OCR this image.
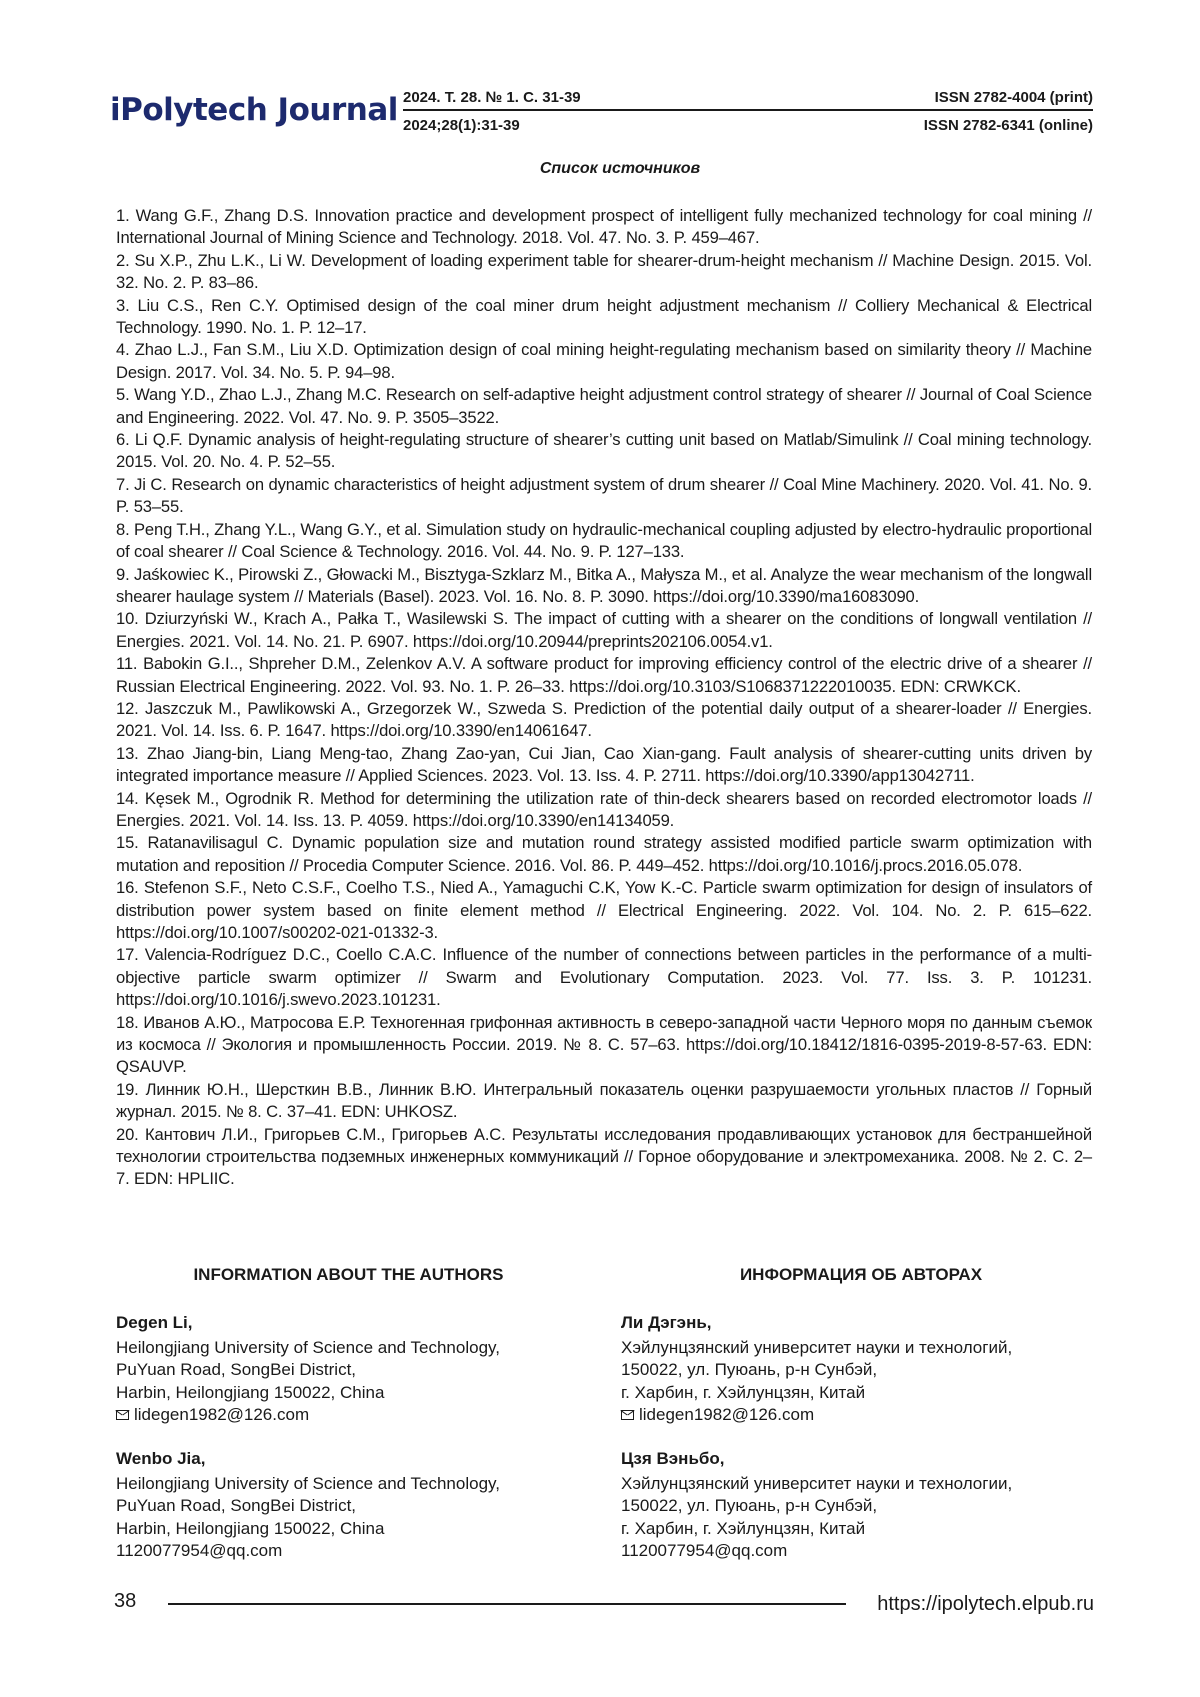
iPolytech Journal 2024. Т. 28. № 1. С. 31-39	ISSN 2782-4004 (print)
2024;28(1):31-39	ISSN 2782-6341 (online)
Список источников
1. Wang G.F., Zhang D.S. Innovation practice and development prospect of intelligent fully mechanized technology for coal mining // International Journal of Mining Science and Technology. 2018. Vol. 47. No. 3. P. 459–467.
2. Su X.P., Zhu L.K., Li W. Development of loading experiment table for shearer-drum-height mechanism // Machine Design. 2015. Vol. 32. No. 2. P. 83–86.
3. Liu C.S., Ren C.Y. Optimised design of the coal miner drum height adjustment mechanism // Colliery Mechanical & Electrical Technology. 1990. No. 1. P. 12–17.
4. Zhao L.J., Fan S.M., Liu X.D. Optimization design of coal mining height-regulating mechanism based on similarity theory // Machine Design. 2017. Vol. 34. No. 5. P. 94–98.
5. Wang Y.D., Zhao L.J., Zhang M.C. Research on self-adaptive height adjustment control strategy of shearer // Journal of Coal Science and Engineering. 2022. Vol. 47. No. 9. P. 3505–3522.
6. Li Q.F. Dynamic analysis of height-regulating structure of shearer’s cutting unit based on Matlab/Simulink // Coal mining technology. 2015. Vol. 20. No. 4. P. 52–55.
7. Ji C. Research on dynamic characteristics of height adjustment system of drum shearer // Coal Mine Machinery. 2020. Vol. 41. No. 9. P. 53–55.
8. Peng T.H., Zhang Y.L., Wang G.Y., et al. Simulation study on hydraulic-mechanical coupling adjusted by electro-hydraulic proportional of coal shearer // Coal Science & Technology. 2016. Vol. 44. No. 9. P. 127–133.
9. Jaśkowiec K., Pirowski Z., Głowacki M., Bisztyga-Szklarz M., Bitka A., Małysza M., et al. Analyze the wear mechanism of the longwall shearer haulage system // Materials (Basel). 2023. Vol. 16. No. 8. P. 3090. https://doi.org/10.3390/ma16083090.
10. Dziurzyński W., Krach A., Pałka T., Wasilewski S. The impact of cutting with a shearer on the conditions of longwall ventilation // Energies. 2021. Vol. 14. No. 21. P. 6907. https://doi.org/10.20944/preprints202106.0054.v1.
11. Babokin G.I.., Shpreher D.M., Zelenkov A.V. A software product for improving efficiency control of the electric drive of a shearer // Russian Electrical Engineering. 2022. Vol. 93. No. 1. P. 26–33. https://doi.org/10.3103/S1068371222010035. EDN: CRWKCK.
12. Jaszczuk M., Pawlikowski A., Grzegorzek W., Szweda S. Prediction of the potential daily output of a shearer-loader // Energies. 2021. Vol. 14. Iss. 6. P. 1647. https://doi.org/10.3390/en14061647.
13. Zhao Jiang-bin, Liang Meng-tao, Zhang Zao-yan, Cui Jian, Cao Xian-gang. Fault analysis of shearer-cutting units driven by integrated importance measure // Applied Sciences. 2023. Vol. 13. Iss. 4. P. 2711. https://doi.org/10.3390/app13042711.
14. Kęsek M., Ogrodnik R. Method for determining the utilization rate of thin-deck shearers based on recorded electromotor loads // Energies. 2021. Vol. 14. Iss. 13. P. 4059. https://doi.org/10.3390/en14134059.
15. Ratanavilisagul C. Dynamic population size and mutation round strategy assisted modified particle swarm optimization with mutation and reposition // Procedia Computer Science. 2016. Vol. 86. P. 449–452. https://doi.org/10.1016/j.procs.2016.05.078.
16. Stefenon S.F., Neto C.S.F., Coelho T.S., Nied A., Yamaguchi C.K, Yow K.-C. Particle swarm optimization for design of insulators of distribution power system based on finite element method // Electrical Engineering. 2022. Vol. 104. No. 2. P. 615–622. https://doi.org/10.1007/s00202-021-01332-3.
17. Valencia-Rodríguez D.C., Coello C.A.C. Influence of the number of connections between particles in the performance of a multi-objective particle swarm optimizer // Swarm and Evolutionary Computation. 2023. Vol. 77. Iss. 3. P. 101231. https://doi.org/10.1016/j.swevo.2023.101231.
18. Иванов А.Ю., Матросова Е.Р. Техногенная грифонная активность в северо-западной части Черного моря по данным съемок из космоса // Экология и промышленность России. 2019. № 8. С. 57–63. https://doi.org/10.18412/1816-0395-2019-8-57-63. EDN: QSAUVP.
19. Линник Ю.Н., Шерсткин В.В., Линник В.Ю. Интегральный показатель оценки разрушаемости угольных пластов // Горный журнал. 2015. № 8. С. 37–41. EDN: UHKOSZ.
20. Кантович Л.И., Григорьев С.М., Григорьев А.С. Результаты исследования продавливающих установок для бестраншейной технологии строительства подземных инженерных коммуникаций // Горное оборудование и электромеханика. 2008. № 2. С. 2–7. EDN: HPLIIC.
INFORMATION ABOUT THE AUTHORS
Degen Li,
Heilongjiang University of Science and Technology,
PuYuan Road, SongBei District,
Harbin, Heilongjiang 150022, China
lidegen1982@126.com
Wenbo Jia,
Heilongjiang University of Science and Technology,
PuYuan Road, SongBei District,
Harbin, Heilongjiang 150022, China
1120077954@qq.com
ИНФОРМАЦИЯ ОБ АВТОРАХ
Ли Дэгэнь,
Хэйлунцзянский университет науки и технологий,
150022, ул. Пуюань, р-н Сунбэй,
г. Харбин, г. Хэйлунцзян, Китай
lidegen1982@126.com
Цзя Вэньбо,
Хэйлунцзянский университет науки и технологии,
150022, ул. Пуюань, р-н Сунбэй,
г. Харбин, г. Хэйлунцзян, Китай
1120077954@qq.com
38	https://ipolytech.elpub.ru
